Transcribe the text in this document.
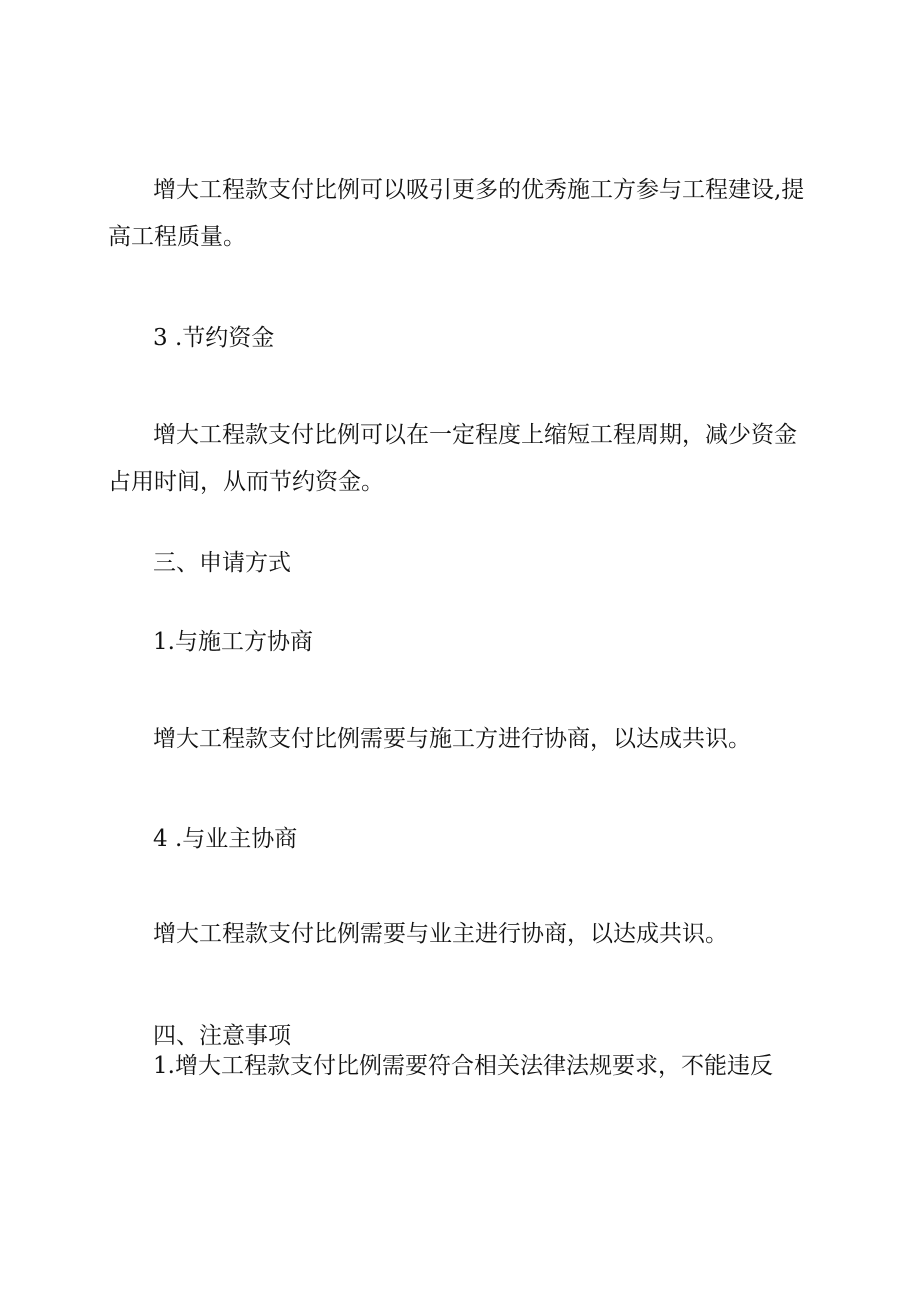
增大工程款支付比例可以吸引更多的优秀施工方参与工程建设,提
高工程质量。
3 .节约资金
增大工程款支付比例可以在一定程度上缩短工程周期，减少资金
占用时间，从而节约资金。
三、申请方式
1.与施工方协商
增大工程款支付比例需要与施工方进行协商，以达成共识。
4 .与业主协商
增大工程款支付比例需要与业主进行协商，以达成共识。
四、注意事项
1.增大工程款支付比例需要符合相关法律法规要求，不能违反
